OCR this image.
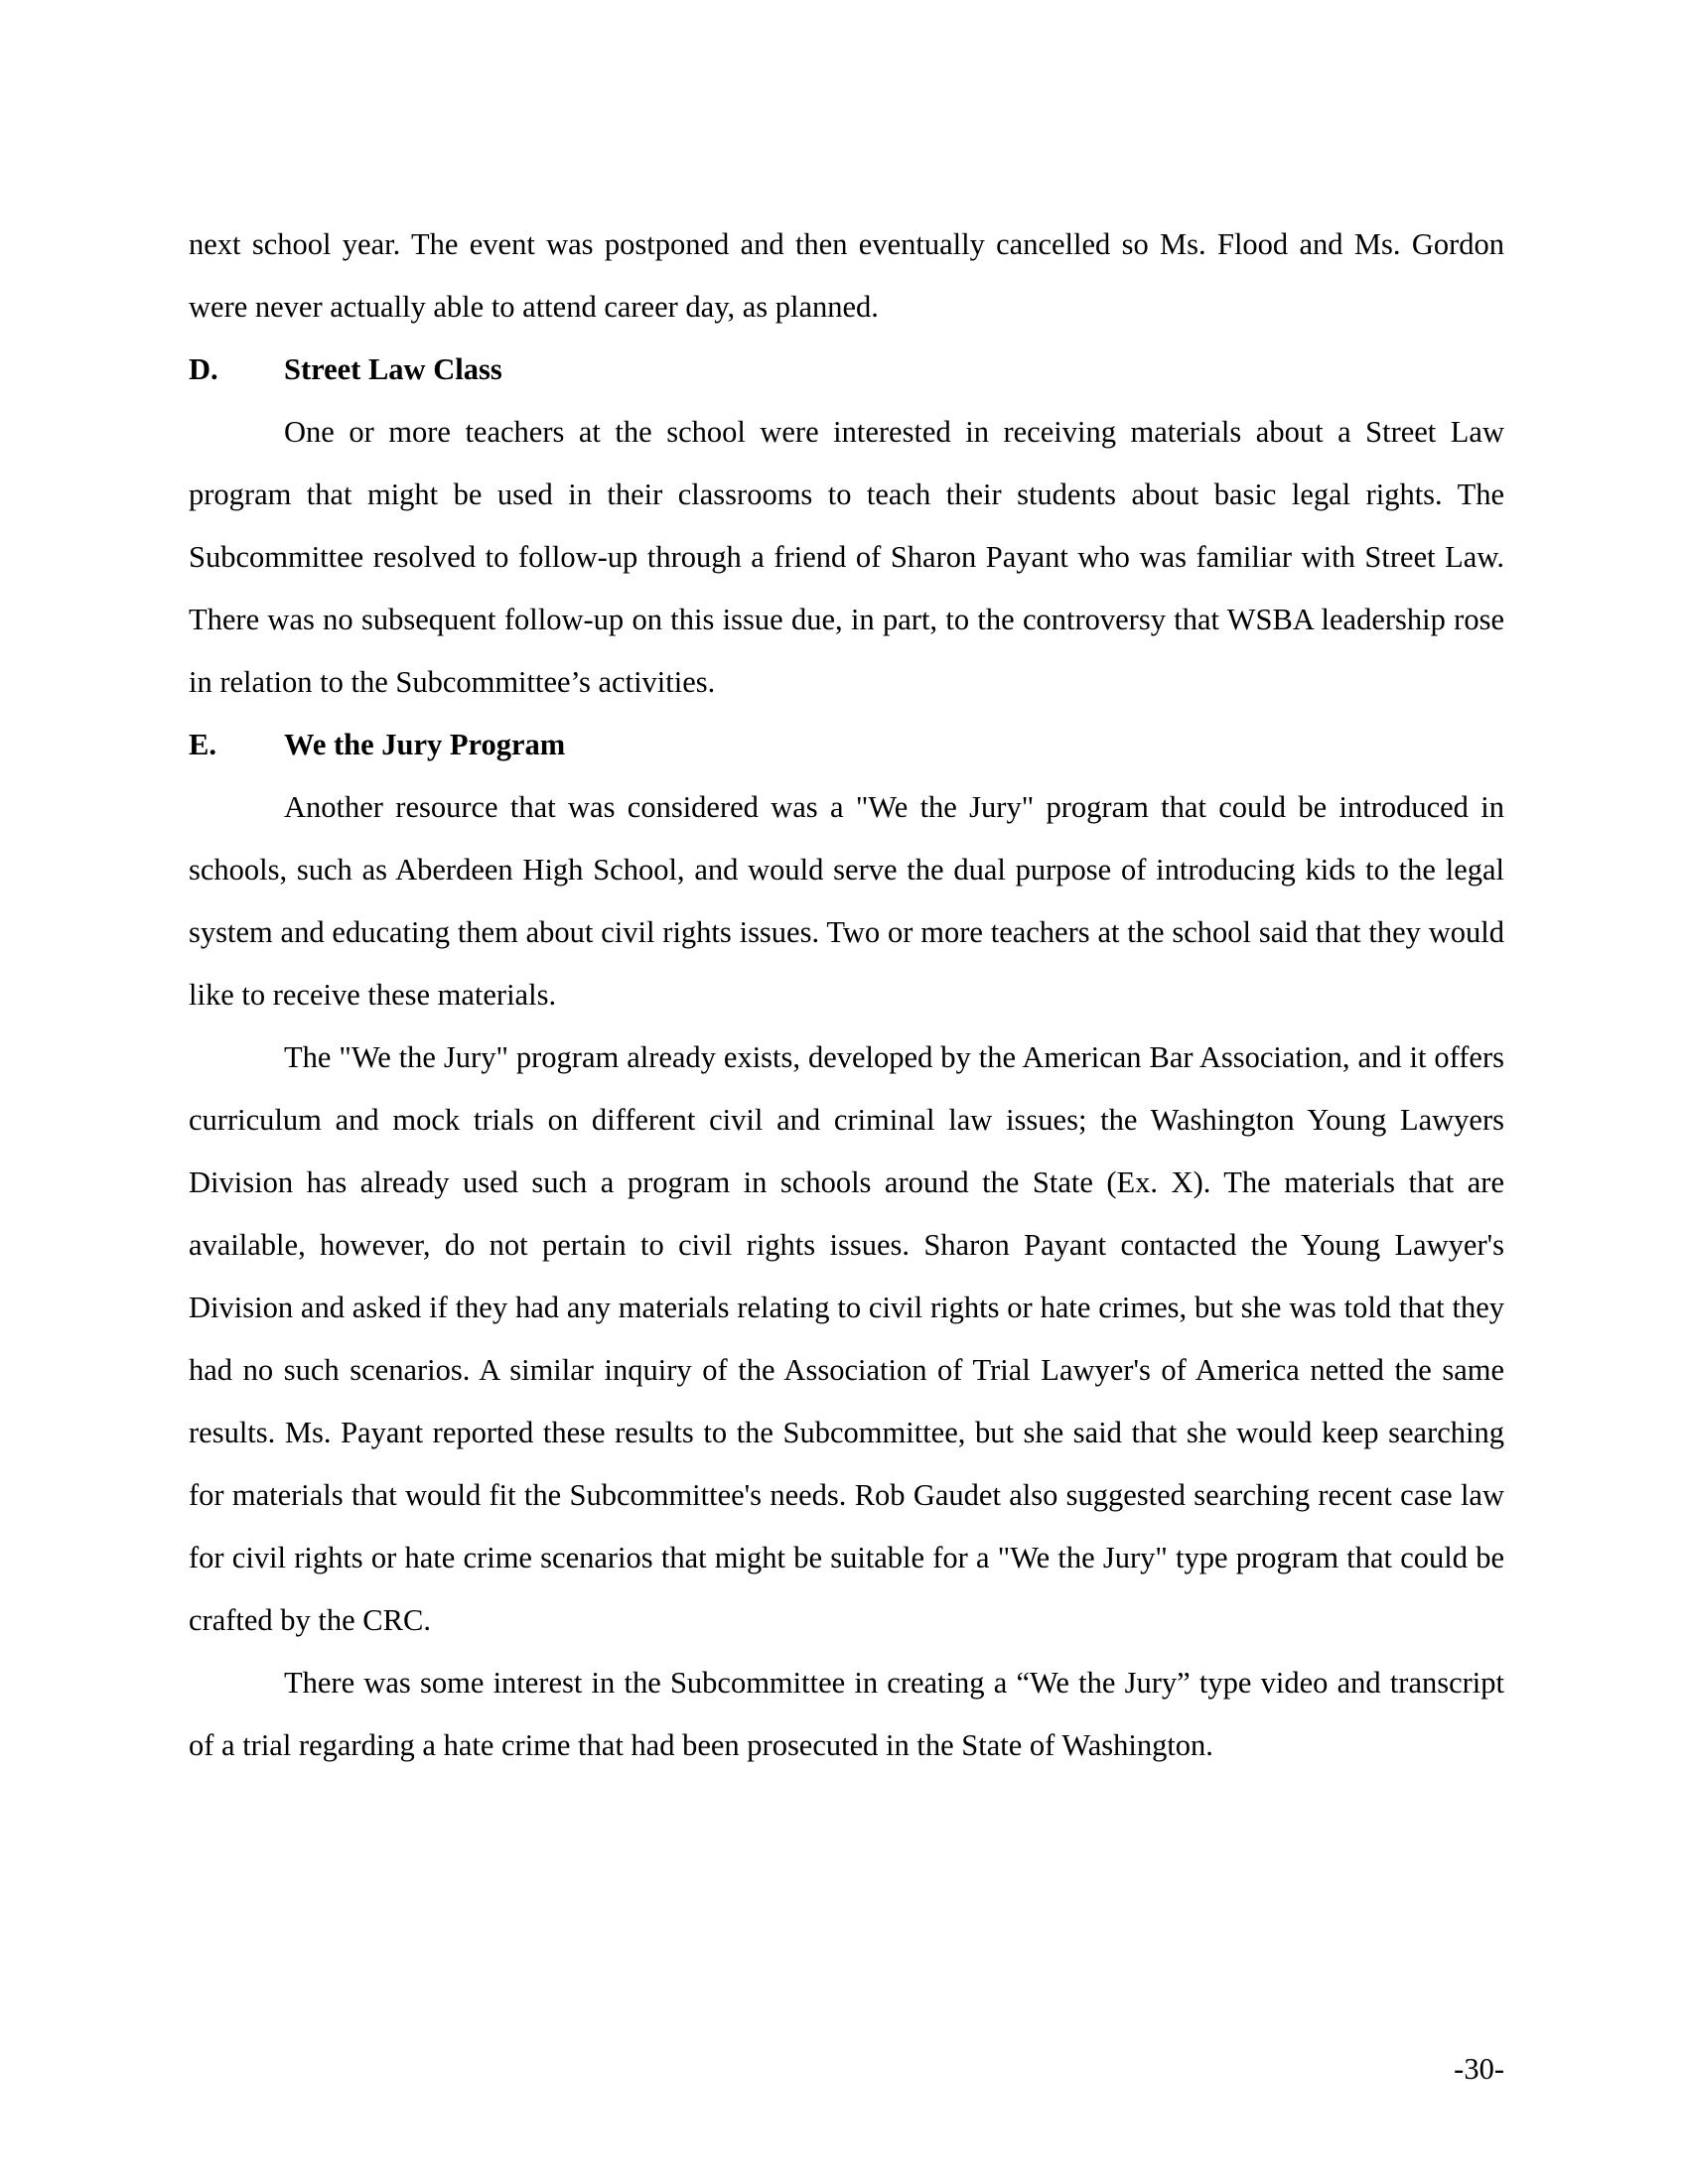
next school year. The event was postponed and then eventually cancelled so Ms. Flood and Ms. Gordon were never actually able to attend career day, as planned.

D.	Street Law Class

One or more teachers at the school were interested in receiving materials about a Street Law program that might be used in their classrooms to teach their students about basic legal rights. The Subcommittee resolved to follow-up through a friend of Sharon Payant who was familiar with Street Law. There was no subsequent follow-up on this issue due, in part, to the controversy that WSBA leadership rose in relation to the Subcommittee’s activities.

E.	We the Jury Program

Another resource that was considered was a "We the Jury" program that could be introduced in schools, such as Aberdeen High School, and would serve the dual purpose of introducing kids to the legal system and educating them about civil rights issues. Two or more teachers at the school said that they would like to receive these materials.

The "We the Jury" program already exists, developed by the American Bar Association, and it offers curriculum and mock trials on different civil and criminal law issues; the Washington Young Lawyers Division has already used such a program in schools around the State (Ex. X). The materials that are available, however, do not pertain to civil rights issues. Sharon Payant contacted the Young Lawyer's Division and asked if they had any materials relating to civil rights or hate crimes, but she was told that they had no such scenarios. A similar inquiry of the Association of Trial Lawyer's of America netted the same results. Ms. Payant reported these results to the Subcommittee, but she said that she would keep searching for materials that would fit the Subcommittee's needs. Rob Gaudet also suggested searching recent case law for civil rights or hate crime scenarios that might be suitable for a "We the Jury" type program that could be crafted by the CRC.

There was some interest in the Subcommittee in creating a “We the Jury” type video and transcript of a trial regarding a hate crime that had been prosecuted in the State of Washington.

-30-
